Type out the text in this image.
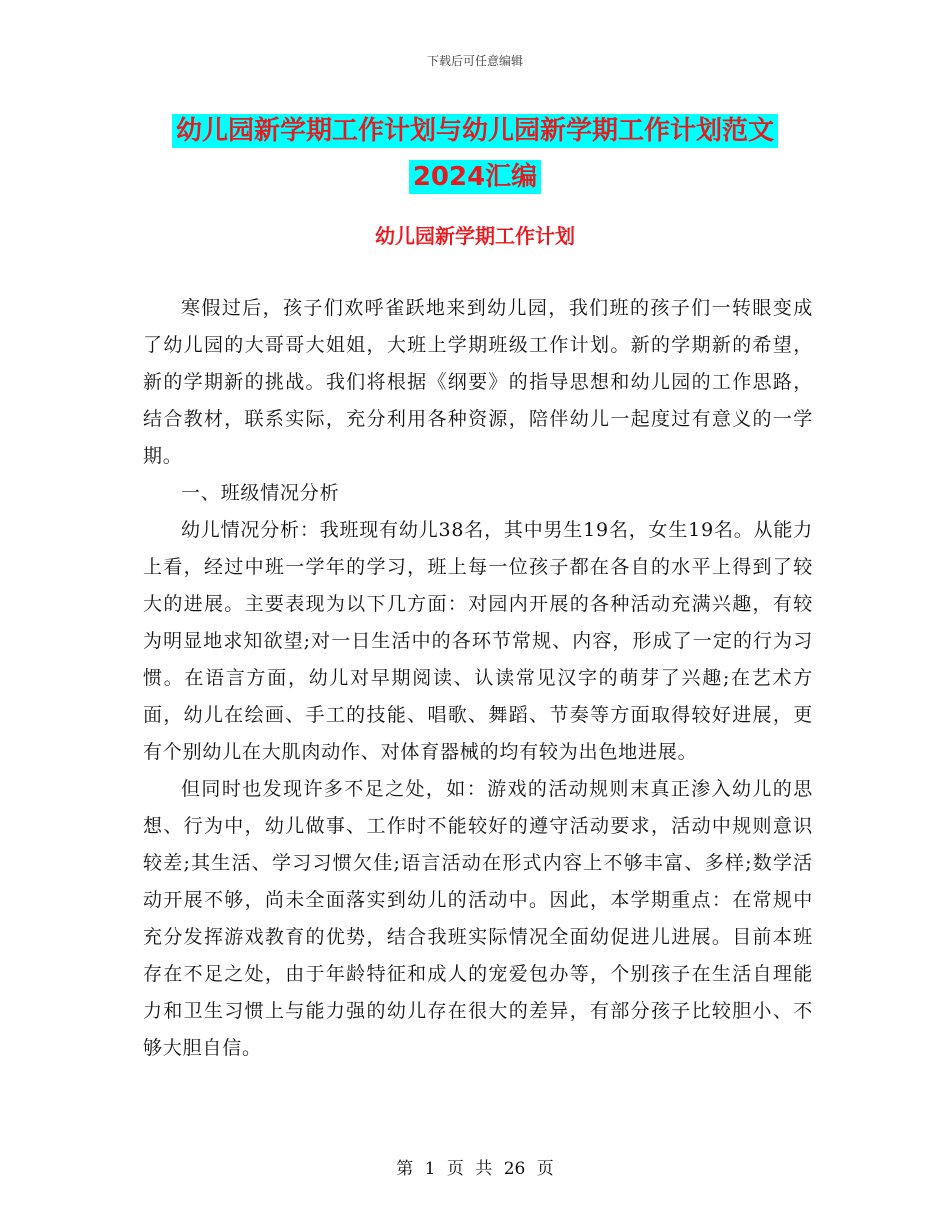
下载后可任意编辑
幼儿园新学期工作计划与幼儿园新学期工作计划范文
2024汇编
幼儿园新学期工作计划

寒假过后，孩子们欢呼雀跃地来到幼儿园，我们班的孩子们一转眼变成了幼儿园的大哥哥大姐姐，大班上学期班级工作计划。新的学期新的希望，新的学期新的挑战。我们将根据《纲要》的指导思想和幼儿园的工作思路，结合教材，联系实际，充分利用各种资源，陪伴幼儿一起度过有意义的一学期。

一、班级情况分析

幼儿情况分析：我班现有幼儿38名，其中男生19名，女生19名。从能力上看，经过中班一学年的学习，班上每一位孩子都在各自的水平上得到了较大的进展。主要表现为以下几方面：对园内开展的各种活动充满兴趣，有较为明显地求知欲望;对一日生活中的各环节常规、内容，形成了一定的行为习惯。在语言方面，幼儿对早期阅读、认读常见汉字的萌芽了兴趣;在艺术方面，幼儿在绘画、手工的技能、唱歌、舞蹈、节奏等方面取得较好进展，更有个别幼儿在大肌肉动作、对体育器械的均有较为出色地进展。

但同时也发现许多不足之处，如：游戏的活动规则末真正渗入幼儿的思想、行为中，幼儿做事、工作时不能较好的遵守活动要求，活动中规则意识较差;其生活、学习习惯欠佳;语言活动在形式内容上不够丰富、多样;数学活动开展不够，尚未全面落实到幼儿的活动中。因此，本学期重点：在常规中充分发挥游戏教育的优势，结合我班实际情况全面幼促进儿进展。目前本班存在不足之处，由于年龄特征和成人的宠爱包办等，个别孩子在生活自理能力和卫生习惯上与能力强的幼儿存在很大的差异，有部分孩子比较胆小、不够大胆自信。

第 1 页 共 26 页
